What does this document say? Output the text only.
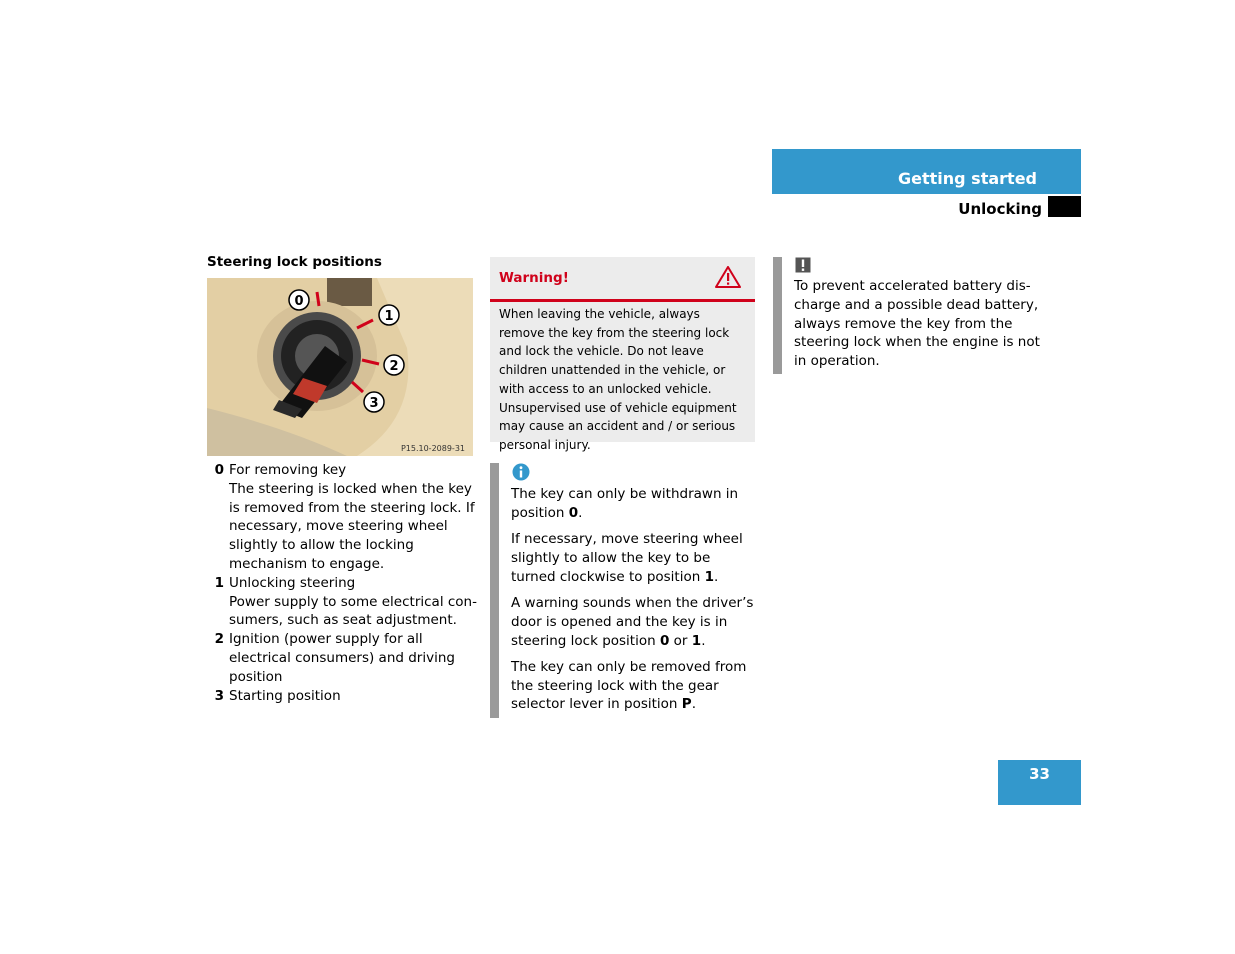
Getting started
Unlocking
Steering lock positions
0
1
2
3
P15.10-2089-31
0 For removing key
The steering is locked when the key is removed from the steering lock. If necessary, move steering wheel slightly to allow the locking mechanism to engage.
1 Unlocking steering
Power supply to some electrical consumers, such as seat adjustment.
2 Ignition (power supply for all electrical consumers) and driving position
3 Starting position
Warning!
When leaving the vehicle, always remove the key from the steering lock and lock the vehicle. Do not leave children unattended in the vehicle, or with access to an unlocked vehicle. Unsupervised use of vehicle equipment may cause an accident and / or serious personal injury.

The key can only be withdrawn in position 0.

If necessary, move steering wheel slightly to allow the key to be turned clockwise to position 1.

A warning sounds when the driver’s door is opened and the key is in steering lock position 0 or 1.

The key can only be removed from the steering lock with the gear selector lever in position P.

To prevent accelerated battery discharge and a possible dead battery, always remove the key from the steering lock when the engine is not in operation.
33
